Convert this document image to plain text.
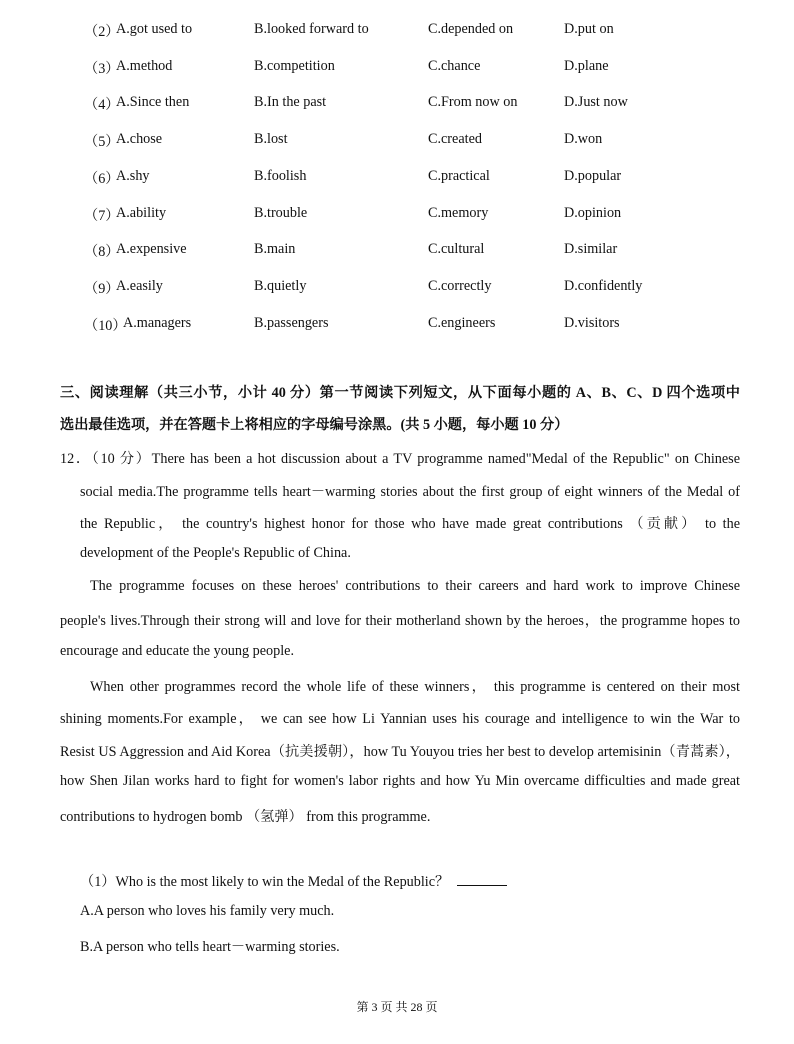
（2）
A.got used to	B.looked forward to	C.depended on	D.put on
（3）
A.method	B.competition	C.chance	D.plane
（4）
A.Since then	B.In the past	C.From now on	D.Just now
（5）
A.chose	B.lost	C.created	D.won
（6）
A.shy	B.foolish	C.practical	D.popular
（7）
A.ability	B.trouble	C.memory	D.opinion
（8）
A.expensive	B.main	C.cultural	D.similar
（9）
A.easily	B.quietly	C.correctly	D.confidently
（10）
A.managers	B.passengers	C.engineers	D.visitors
三、阅读理解（共三小节，小计 40 分）第一节阅读下列短文，从下面每小题的 A、B、C、D 四个选项中
选出最佳选项，并在答题卡上将相应的字母编号涂黑。(共 5 小题，每小题 10 分）
12．（10 分）There has been a hot discussion about a TV programme named"Medal of the Republic" on Chinese
social media.The programme tells heart－warming stories about the first group of eight winners of the Medal of
the Republic， the country's highest honor for those who have made great contributions （贡献） to the
development of the People's Republic of China.
The programme focuses on these heroes' contributions to their careers and hard work to improve Chinese
people's lives.Through their strong will and love for their motherland shown by the heroes，the programme hopes to
encourage and educate the young people.
When other programmes record the whole life of these winners， this programme is centered on their most
shining moments.For example， we can see how Li Yannian uses his courage and intelligence to win the War to
Resist US Aggression and Aid Korea（抗美援朝），how Tu Youyou tries her best to develop artemisinin（青蒿素），
how Shen Jilan works hard to fight for women's labor rights and how Yu Min overcame difficulties and made great
contributions to hydrogen bomb （氢弹） from this programme.
（1）Who is the most likely to win the Medal of the Republic？
A.A person who loves his family very much.
B.A person who tells heart－warming stories.
第 3 页 共 28 页
